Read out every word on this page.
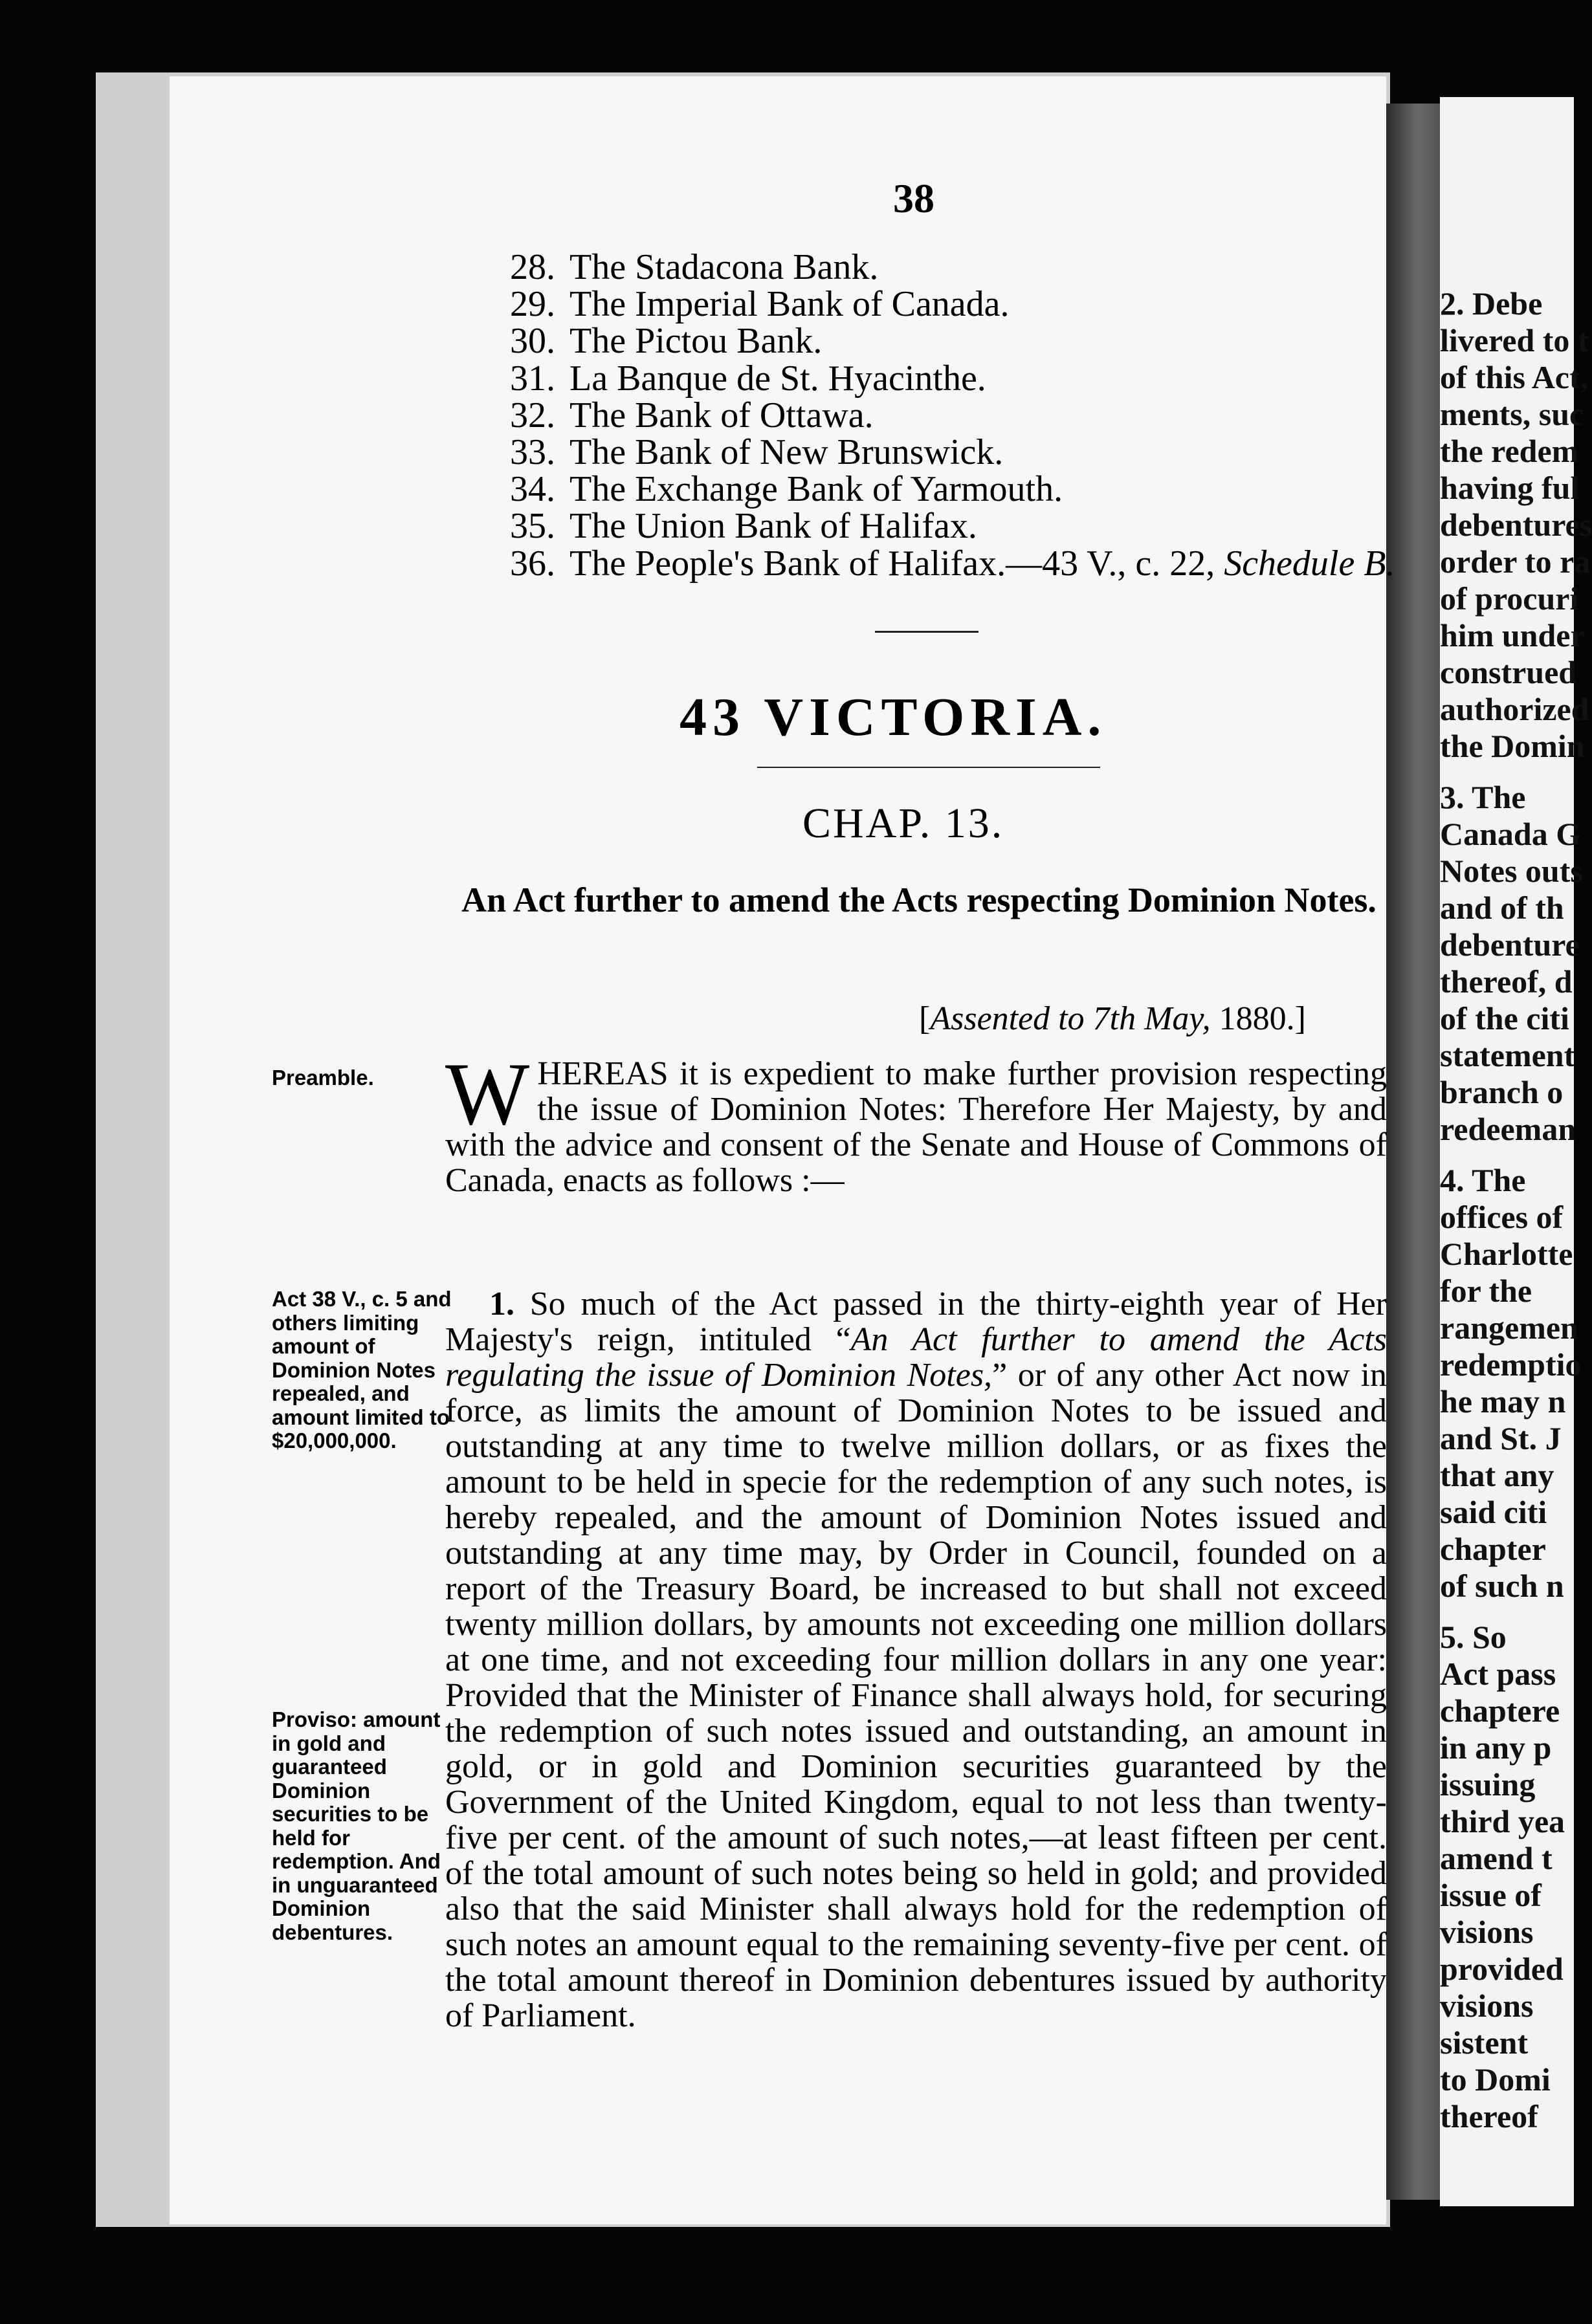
2. Debe
livered to t
of this Act,
ments, suc
the redem
having ful
debentures
order to ra
of procuri
him under
construed
authorized
the Domin
3. The
Canada G
Notes outs
and of th
debenture
thereof, d
of the citi
statement
branch o
redeeman
4. The
offices of
Charlotte
for the
rangemen
redemptio
he may n
and St. J
that any
said citi
chapter
of such n
5. So
Act pass
chaptere
in any p
issuing
third yea
amend t
issue of
visions
provided
visions
sistent
to Domi
thereof
38
28. The Stadacona Bank.
29. The Imperial Bank of Canada.
30. The Pictou Bank.
31. La Banque de St. Hyacinthe.
32. The Bank of Ottawa.
33. The Bank of New Brunswick.
34. The Exchange Bank of Yarmouth.
35. The Union Bank of Halifax.
36. The People's Bank of Halifax.—43 V., c. 22, Schedule B.
43 VICTORIA.
CHAP. 13.
An Act further to amend the Acts respecting Dominion Notes.
[Assented to 7th May, 1880.]
Preamble. WHEREAS it is expedient to make further provision respecting the issue of Dominion Notes: Therefore Her Majesty, by and with the advice and consent of the Senate and House of Commons of Canada, enacts as follows :—
Act 38 V., c. 5 and others limiting amount of Dominion Notes repealed, and amount limited to $20,000,000.
Proviso: amount in gold and guaranteed Dominion securities to be held for redemption. And in unguaranteed Dominion debentures.
1. So much of the Act passed in the thirty-eighth year of Her Majesty's reign, intituled “An Act further to amend the Acts regulating the issue of Dominion Notes,” or of any other Act now in force, as limits the amount of Dominion Notes to be issued and outstanding at any time to twelve million dollars, or as fixes the amount to be held in specie for the redemption of any such notes, is hereby repealed, and the amount of Dominion Notes issued and outstanding at any time may, by Order in Council, founded on a report of the Treasury Board, be increased to but shall not exceed twenty million dollars, by amounts not exceeding one million dollars at one time, and not exceeding four million dollars in any one year: Provided that the Minister of Finance shall always hold, for securing the redemption of such notes issued and outstanding, an amount in gold, or in gold and Dominion securities guaranteed by the Government of the United Kingdom, equal to not less than twenty-five per cent. of the amount of such notes,—at least fifteen per cent. of the total amount of such notes being so held in gold; and provided also that the said Minister shall always hold for the redemption of such notes an amount equal to the remaining seventy-five per cent. of the total amount thereof in Dominion debentures issued by authority of Parliament.
